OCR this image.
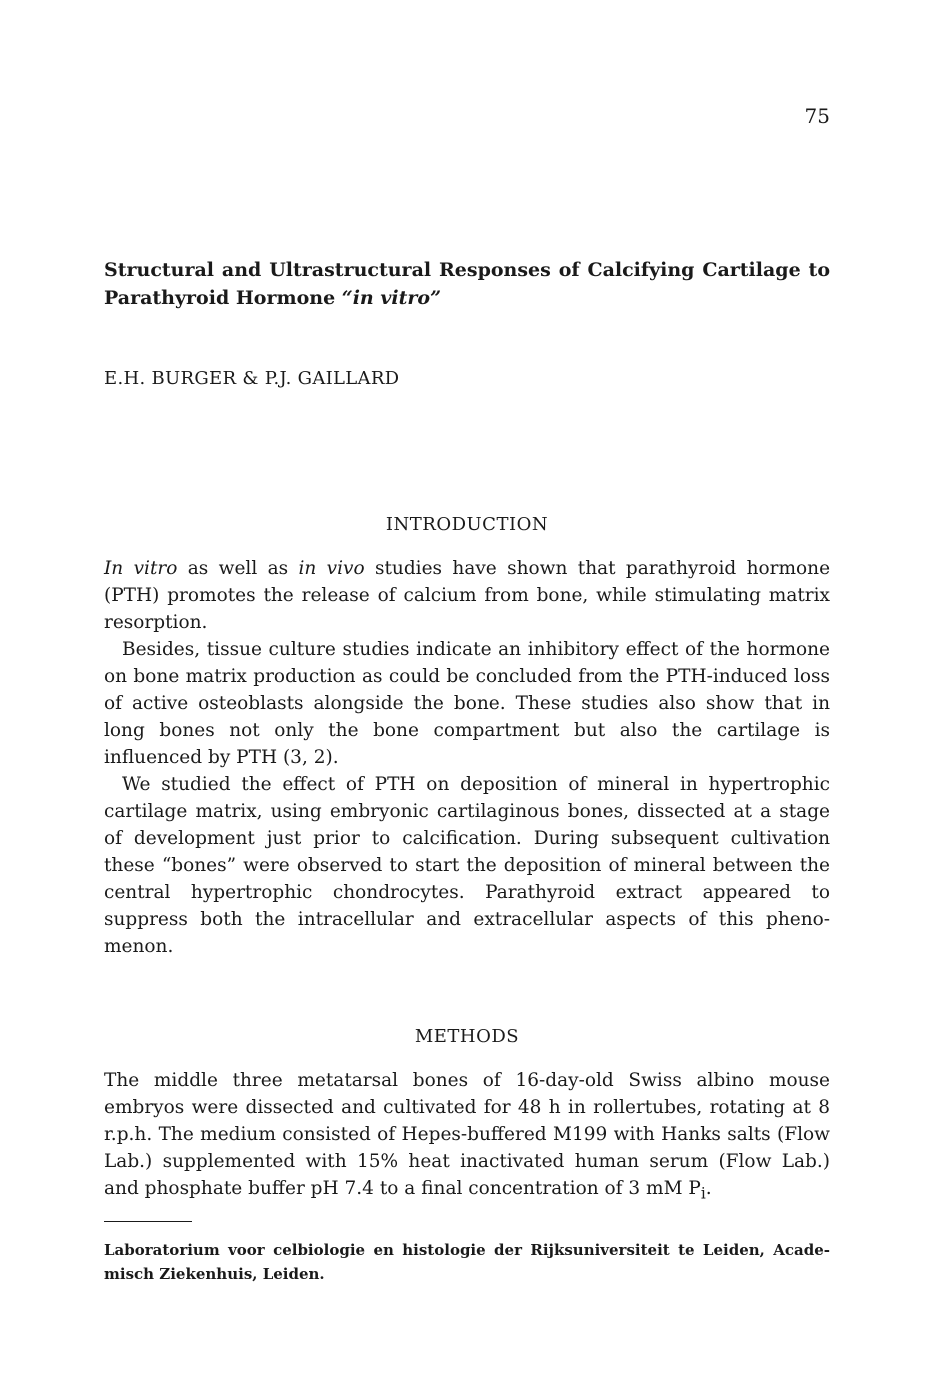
75
Structural and Ultrastructural Responses of Calcifying Cartilage to
Parathyroid Hormone “in vitro”
E.H. BURGER & P.J. GAILLARD
INTRODUCTION

In vitro as well as in vivo studies have shown that parathyroid hormone (PTH) promotes the release of calcium from bone, while stimulating matrix resorption.

Besides, tissue culture studies indicate an inhibitory effect of the hormone on bone matrix production as could be concluded from the PTH-induced loss of active osteoblasts alongside the bone. These studies also show that in long bones not only the bone compartment but also the cartilage is influenced by PTH (3, 2).

We studied the effect of PTH on deposition of mineral in hypertrophic cartilage matrix, using embryonic cartilaginous bones, dissected at a stage of development just prior to calcification. During subsequent cultivation these “bones” were observed to start the deposition of mineral between the central hypertrophic chondrocytes. Parathyroid extract appeared to suppress both the intracellular and extracellular aspects of this pheno-menon.

METHODS

The middle three metatarsal bones of 16-day-old Swiss albino mouse embryos were dissected and cultivated for 48 h in rollertubes, rotating at 8 r.p.h. The medium consisted of Hepes-buffered M199 with Hanks salts (Flow Lab.) supplemented with 15% heat inactivated human serum (Flow Lab.) and phosphate buffer pH 7.4 to a final concentration of 3 mM $P_i$.

Laboratorium voor celbiologie en histologie der Rijksuniversiteit te Leiden, Acade-misch Ziekenhuis, Leiden.
